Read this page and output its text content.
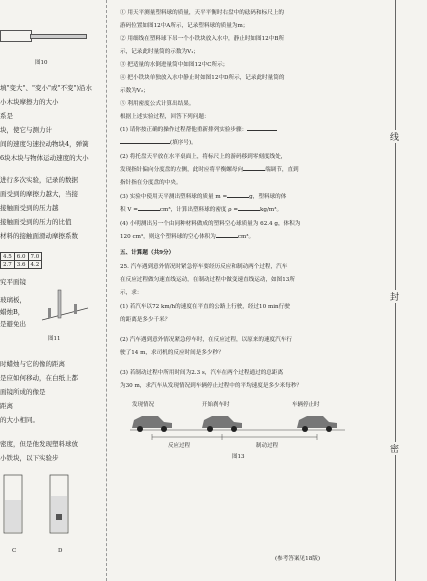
图10
填"变大"、"变小"或"不变")沿水
小木块摩擦力的大小
系是
块，使它与测力计
间的速度匀速拉动物块4，弹簧
6块木块与物体运动速度的大小
进行多次实验，记录的数据
面受到的摩擦力越大，当接
接触面受到的压力越
接触面受到的压力的比值
材料的接触面滑动摩擦系数
4.5	6.0	7.0
2.7	3.6	4.2
究平面镜
玻璃板，
蜡烛B，
是避免出
图11
时蜡烛与它的像的距离
是应如何移动，在白纸上都
面镜所成的像是
距离
的大小相同。
密度，但是他发现塑料球放
小铁块，以下实验步
C	D
① 用天平测量塑料球的质量，天平平衡时右盘中的砝码和标尺上的
游码位置如图12中A所示，记录塑料球的质量为m；
② 用细线在塑料球下吊一个小铁块放入水中，静止时如图12中B所
示，记录此时量筒的示数为V₁；
③ 把适量的水倒进量筒中如图12中C所示；
④ 把小铁块单独放入水中静止时如图12中D所示，记录此时量筒的
示数为V₂；
⑤ 利用密度公式计算出结果。
根据上述实验过程，回答下列问题：
(1) 请你按正确的操作过程帮他重新排列实验步骤：
(填序号)。
(2) 将托盘天平放在水平桌面上，将标尺上的游码移到零刻度线处，
发现指针偏向分度盘的左侧，此时应将平衡螺母向	端调节，直到
指针指在分度盘的中央。
(3) 实验中使用天平测出塑料球的质量 m =	g，塑料球的体
积 V =	cm³，计算出塑料球的密度 ρ =	kg/m³。
(4) 小明测出另一个由同种材料做成的塑料空心球质量为 62.4 g，体积为
120 cm³，则这个塑料球的空心体积为	cm³。
五、计算题（共9分）
25. 汽车遇到意外情况时紧急停车要经历反应和制动两个过程，汽车
在反应过程做匀速直线运动，在制动过程中做变速直线运动，如图13所
示，求：
(1) 若汽车以72 km/h的速度在平直的公路上行驶，经过10 min行驶
的距离是多少千米？
(2) 汽车遇到意外情况紧急停车时，在反应过程，以原来的速度汽车行
驶了14 m，求司机的反应时间是多少秒？
(3) 若制动过程中所用时间为2.3 s，汽车在两个过程通过的总距离
为30 m，求汽车从发现情况到车辆停止过程中的平均速度是多少米每秒？
发现情况	开始刹车时	车辆停止时
反应过程	制动过程
图13
(参考答案见18版)
线
封
密
